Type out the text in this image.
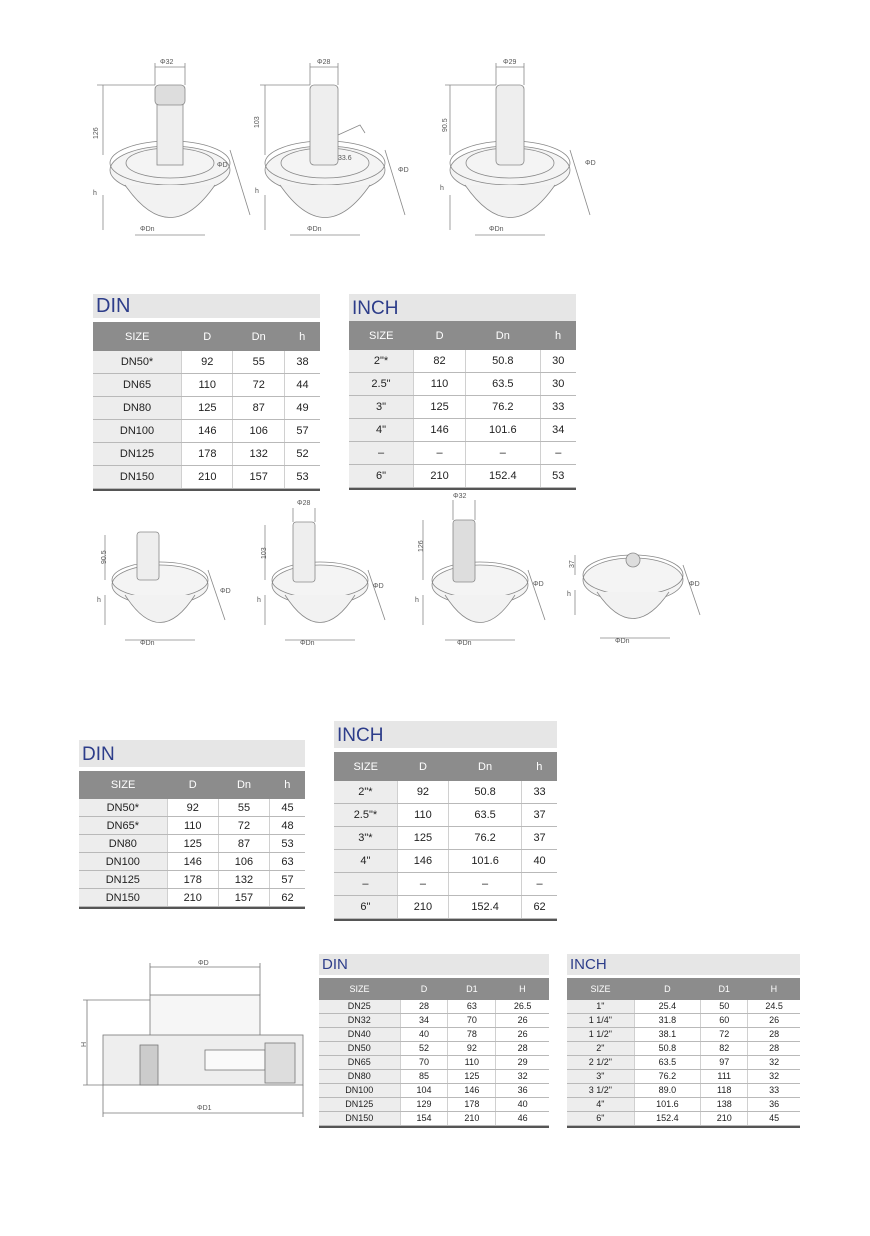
Φ32
126
h
ΦD
ΦDn
Φ28
103
33.6
h
ΦD
ΦDn
Φ29
90.5
h
ΦD
ΦDn
DIN
SIZE	D	Dn	h
DN50*	92	55	38
DN65	110	72	44
DN80	125	87	49
DN100	146	106	57
DN125	178	132	52
DN150	210	157	53
INCH
SIZE	D	Dn	h
2"*	82	50.8	30
2.5"	110	63.5	30
3"	125	76.2	33
4"	146	101.6	34
–	–	–	–
6"	210	152.4	53
90.5
h
ΦD
ΦDn
Φ28
103
h
ΦD
ΦDn
Φ32
126
h
ΦD
ΦDn
37
h
ΦD
ΦDn
DIN
SIZE	D	Dn	h
DN50*	92	55	45
DN65*	110	72	48
DN80	125	87	53
DN100	146	106	63
DN125	178	132	57
DN150	210	157	62
INCH
SIZE	D	Dn	h
2"*	92	50.8	33
2.5"*	110	63.5	37
3"*	125	76.2	37
4"	146	101.6	40
–	–	–	–
6"	210	152.4	62
ΦD
H
ΦD1
DIN
SIZE	D	D1	H
DN25	28	63	26.5
DN32	34	70	26
DN40	40	78	26
DN50	52	92	28
DN65	70	110	29
DN80	85	125	32
DN100	104	146	36
DN125	129	178	40
DN150	154	210	46
INCH
SIZE	D	D1	H
1"	25.4	50	24.5
1 1/4"	31.8	60	26
1 1/2"	38.1	72	28
2"	50.8	82	28
2 1/2"	63.5	97	32
3"	76.2	111	32
3 1/2"	89.0	118	33
4"	101.6	138	36
6"	152.4	210	45
